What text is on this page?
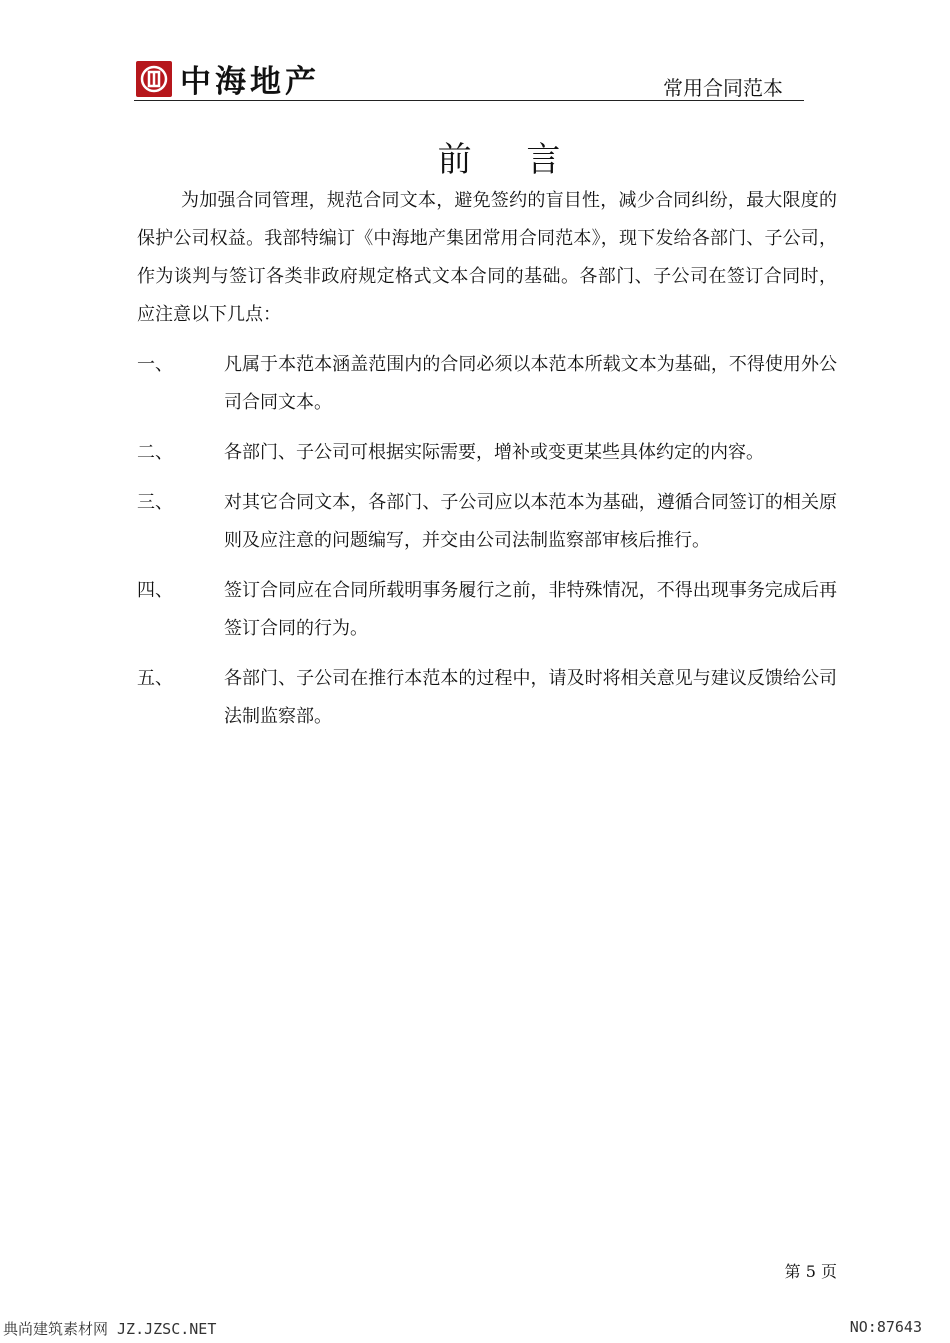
中海地产	常用合同范本
前 言

为加强合同管理，规范合同文本，避免签约的盲目性，减少合同纠纷，最大限度的保护公司权益。我部特编订《中海地产集团常用合同范本》，现下发给各部门、子公司，作为谈判与签订各类非政府规定格式文本合同的基础。各部门、子公司在签订合同时，应注意以下几点：

一、	凡属于本范本涵盖范围内的合同必须以本范本所载文本为基础，不得使用外公司合同文本。
二、	各部门、子公司可根据实际需要，增补或变更某些具体约定的内容。
三、	对其它合同文本，各部门、子公司应以本范本为基础，遵循合同签订的相关原则及应注意的问题编写，并交由公司法制监察部审核后推行。
四、	签订合同应在合同所载明事务履行之前，非特殊情况，不得出现事务完成后再签订合同的行为。
五、	各部门、子公司在推行本范本的过程中，请及时将相关意见与建议反馈给公司法制监察部。
第 5 页
典尚建筑素材网 JZ.JZSC.NET	NO:87643
